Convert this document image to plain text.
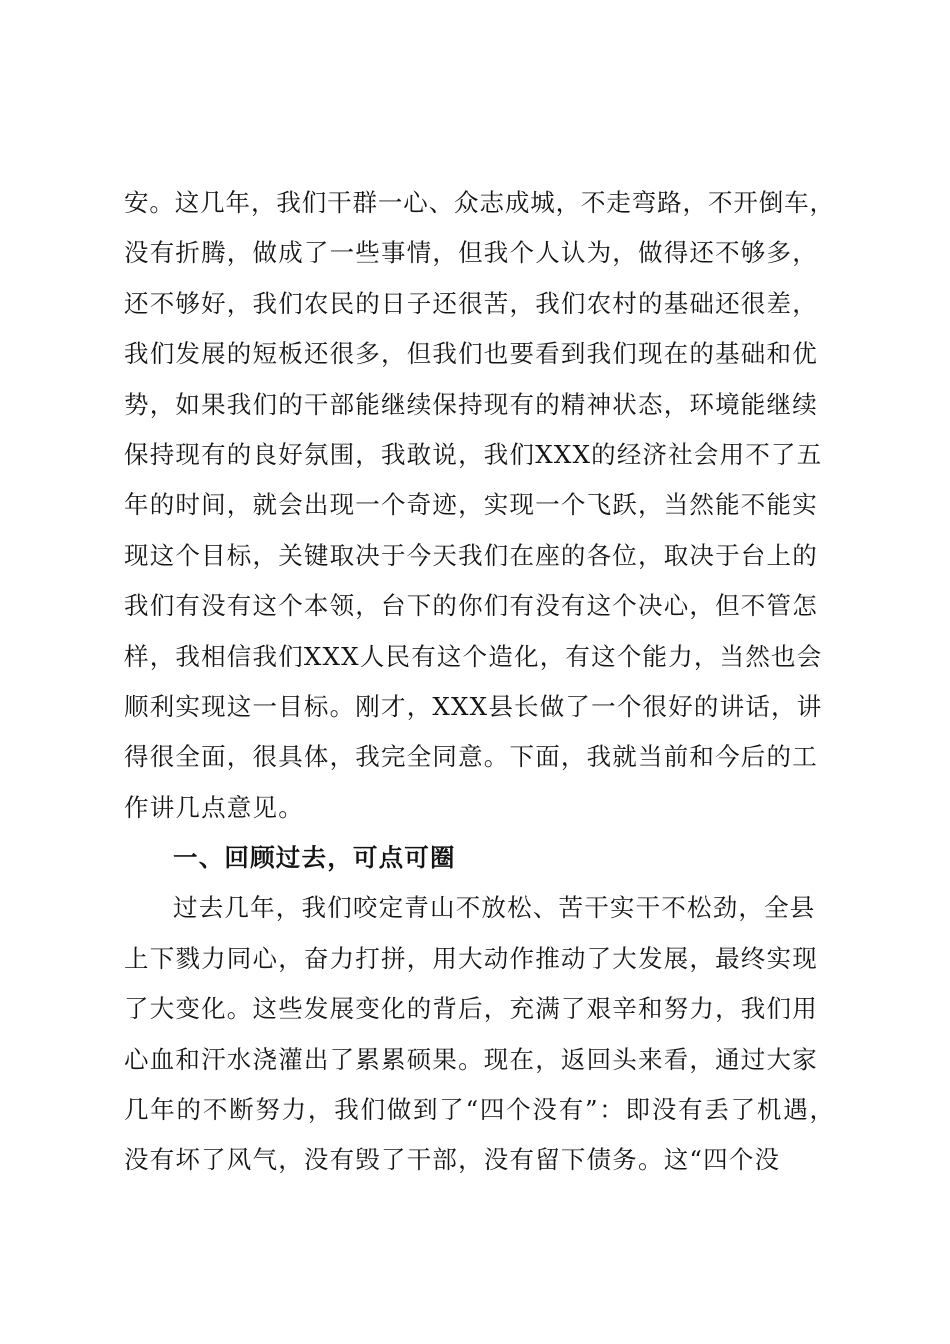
安。这几年，我们干群一心、众志成城，不走弯路，不开倒车，
没有折腾，做成了一些事情，但我个人认为，做得还不够多，
还不够好，我们农民的日子还很苦，我们农村的基础还很差，
我们发展的短板还很多，但我们也要看到我们现在的基础和优
势，如果我们的干部能继续保持现有的精神状态，环境能继续
保持现有的良好氛围，我敢说，我们XXX的经济社会用不了五
年的时间，就会出现一个奇迹，实现一个飞跃，当然能不能实
现这个目标，关键取决于今天我们在座的各位，取决于台上的
我们有没有这个本领，台下的你们有没有这个决心，但不管怎
样，我相信我们XXX人民有这个造化，有这个能力，当然也会
顺利实现这一目标。刚才，XXX县长做了一个很好的讲话，讲
得很全面，很具体，我完全同意。下面，我就当前和今后的工
作讲几点意见。
一、回顾过去，可点可圈
过去几年，我们咬定青山不放松、苦干实干不松劲，全县
上下戮力同心，奋力打拼，用大动作推动了大发展，最终实现
了大变化。这些发展变化的背后，充满了艰辛和努力，我们用
心血和汗水浇灌出了累累硕果。现在，返回头来看，通过大家
几年的不断努力，我们做到了“四个没有”：即没有丢了机遇，
没有坏了风气，没有毁了干部，没有留下债务。这“四个没
